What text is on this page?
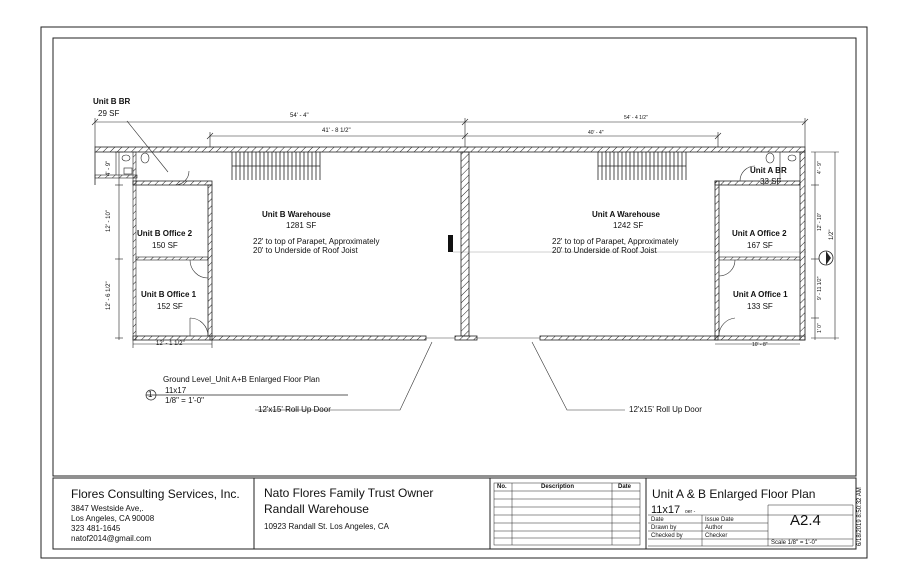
Unit B BR
29 SF
Unit B Warehouse
1281 SF
22' to top of Parapet, Approximately
20' to Underside of Roof Joist
Unit B Office 2
150 SF
Unit B Office 1
152 SF
Unit A Warehouse
1242 SF
22' to top of Parapet, Approximately
20' to Underside of Roof Joist
Unit A BR
33 SF
Unit A Office 2
167 SF
Unit A Office 1
133 SF
54' - 4"
41' - 8 1/2"
54' - 4 1/2"
40' - 4"
4' - 9"
12' - 10"
12' - 6 1/2"
12' - 1 1/2"
4' - 9"
12' - 10"
9' - 11 1/2"
1' 0"
1/2"
10' - 8"
12'x15' Roll Up Door	12'x15' Roll Up Door
1
Ground Level_Unit A+B Enlarged Floor Plan
11x17
1/8" = 1'-0"
Flores Consulting Services, Inc.
3847 Westside Ave,.
Los Angeles, CA 90008
323 481-1645
natof2014@gmail.com
Nato Flores Family Trust Owner
Randall Warehouse
10923 Randall St. Los Angeles, CA
No.	Description	Date Unit A & B Enlarged Floor Plan
11x17 oer -
Date	Issue Date
Drawn by	Author
Checked by	Checker
A2.4
Scale 1/8" = 1'-0"	6/18/2019 8:50:32 AM
